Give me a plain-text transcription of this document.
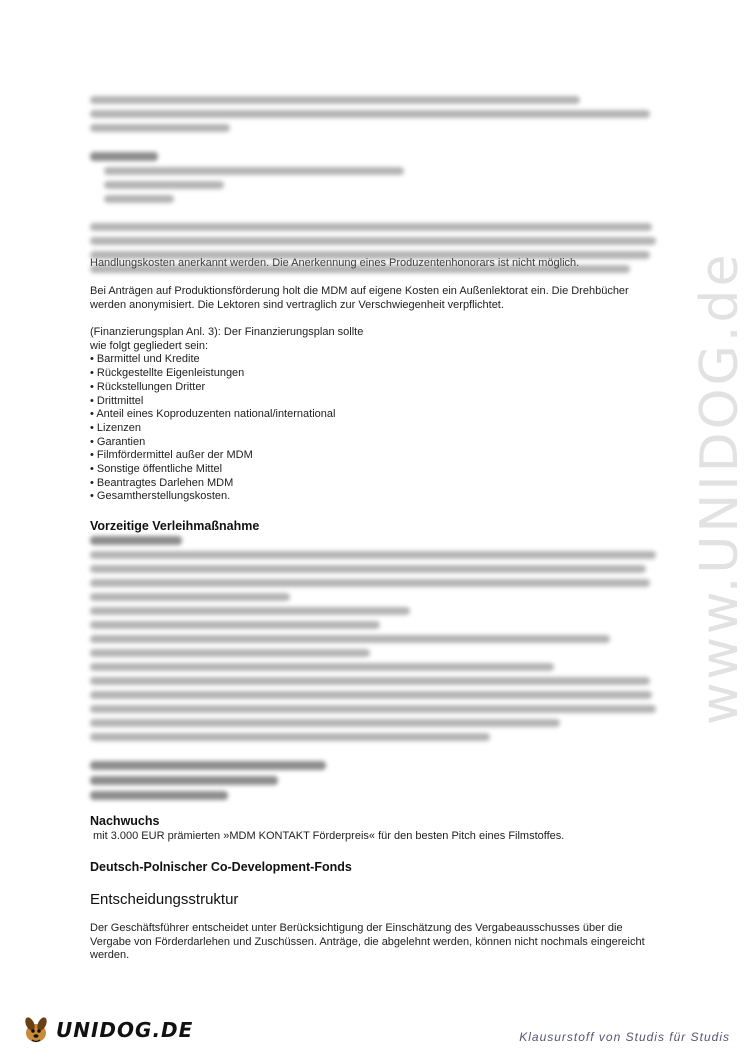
Handlungskosten anerkannt werden. Die Anerkennung eines Produzentenhonorars ist nicht möglich.

Bei Anträgen auf Produktionsförderung holt die MDM auf eigene Kosten ein Außenlektorat ein. Die Drehbücher werden anonymisiert. Die Lektoren sind vertraglich zur Verschwiegenheit verpflichtet.

(Finanzierungsplan Anl. 3): Der Finanzierungsplan sollte

wie folgt gegliedert sein:

• Barmittel und Kredite
• Rückgestellte Eigenleistungen
• Rückstellungen Dritter
• Drittmittel
• Anteil eines Koproduzenten national/international
• Lizenzen
• Garantien
• Filmfördermittel außer der MDM
• Sonstige öffentliche Mittel
• Beantragtes Darlehen MDM
• Gesamtherstellungskosten.
Vorzeitige Verleihmaßnahme
Nachwuchs

mit 3.000 EUR prämierten »MDM KONTAKT Förderpreis« für den besten Pitch eines Filmstoffes.

Deutsch-Polnischer Co-Development-Fonds
Entscheidungsstruktur

Der Geschäftsführer entscheidet unter Berücksichtigung der Einschätzung des Vergabeausschusses über die Vergabe von Förderdarlehen und Zuschüssen. Anträge, die abgelehnt werden, können nicht nochmals eingereicht werden.

www.UNIDOG.de
UNIDOG.DE	Klausurstoff von Studis für Studis
